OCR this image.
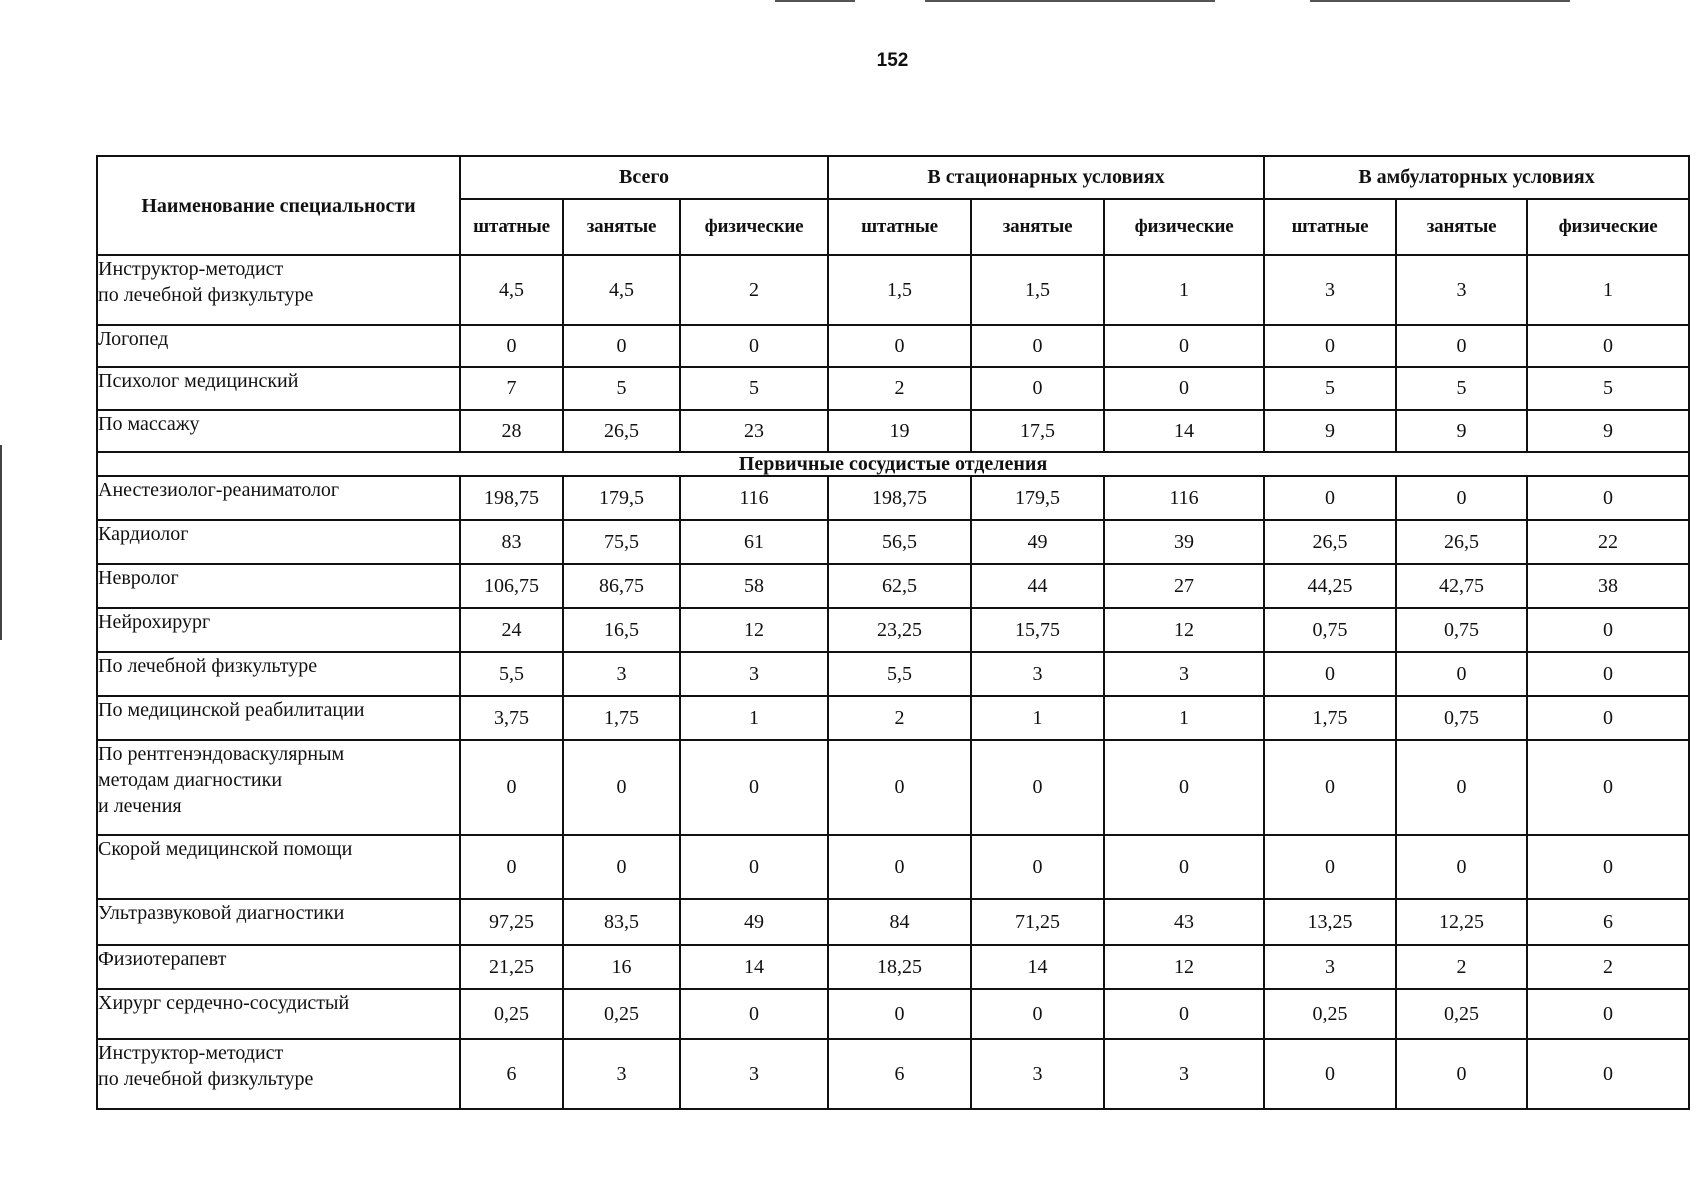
152
Наименование специальности	Всего			В стационарных условиях			В амбулаторных условиях		
	штатные	занятые	физические	штатные	занятые	физические	штатные	занятые	физические
Инструктор-методист
по лечебной физкультуре	4,5	4,5	2	1,5	1,5	1	3	3	1
Логопед	0	0	0	0	0	0	0	0	0
Психолог медицинский	7	5	5	2	0	0	5	5	5
По массажу	28	26,5	23	19	17,5	14	9	9	9
Первичные сосудистые отделения									
Анестезиолог-реаниматолог	198,75	179,5	116	198,75	179,5	116	0	0	0
Кардиолог	83	75,5	61	56,5	49	39	26,5	26,5	22
Невролог	106,75	86,75	58	62,5	44	27	44,25	42,75	38
Нейрохирург	24	16,5	12	23,25	15,75	12	0,75	0,75	0
По лечебной физкультуре	5,5	3	3	5,5	3	3	0	0	0
По медицинской реабилитации	3,75	1,75	1	2	1	1	1,75	0,75	0
По рентгенэндоваскулярным
методам диагностики
и лечения	0	0	0	0	0	0	0	0	0
Скорой медицинской помощи	0	0	0	0	0	0	0	0	0
Ультразвуковой диагностики	97,25	83,5	49	84	71,25	43	13,25	12,25	6
Физиотерапевт	21,25	16	14	18,25	14	12	3	2	2
Хирург сердечно-сосудистый	0,25	0,25	0	0	0	0	0,25	0,25	0
Инструктор-методист
по лечебной физкультуре	6	3	3	6	3	3	0	0	0
